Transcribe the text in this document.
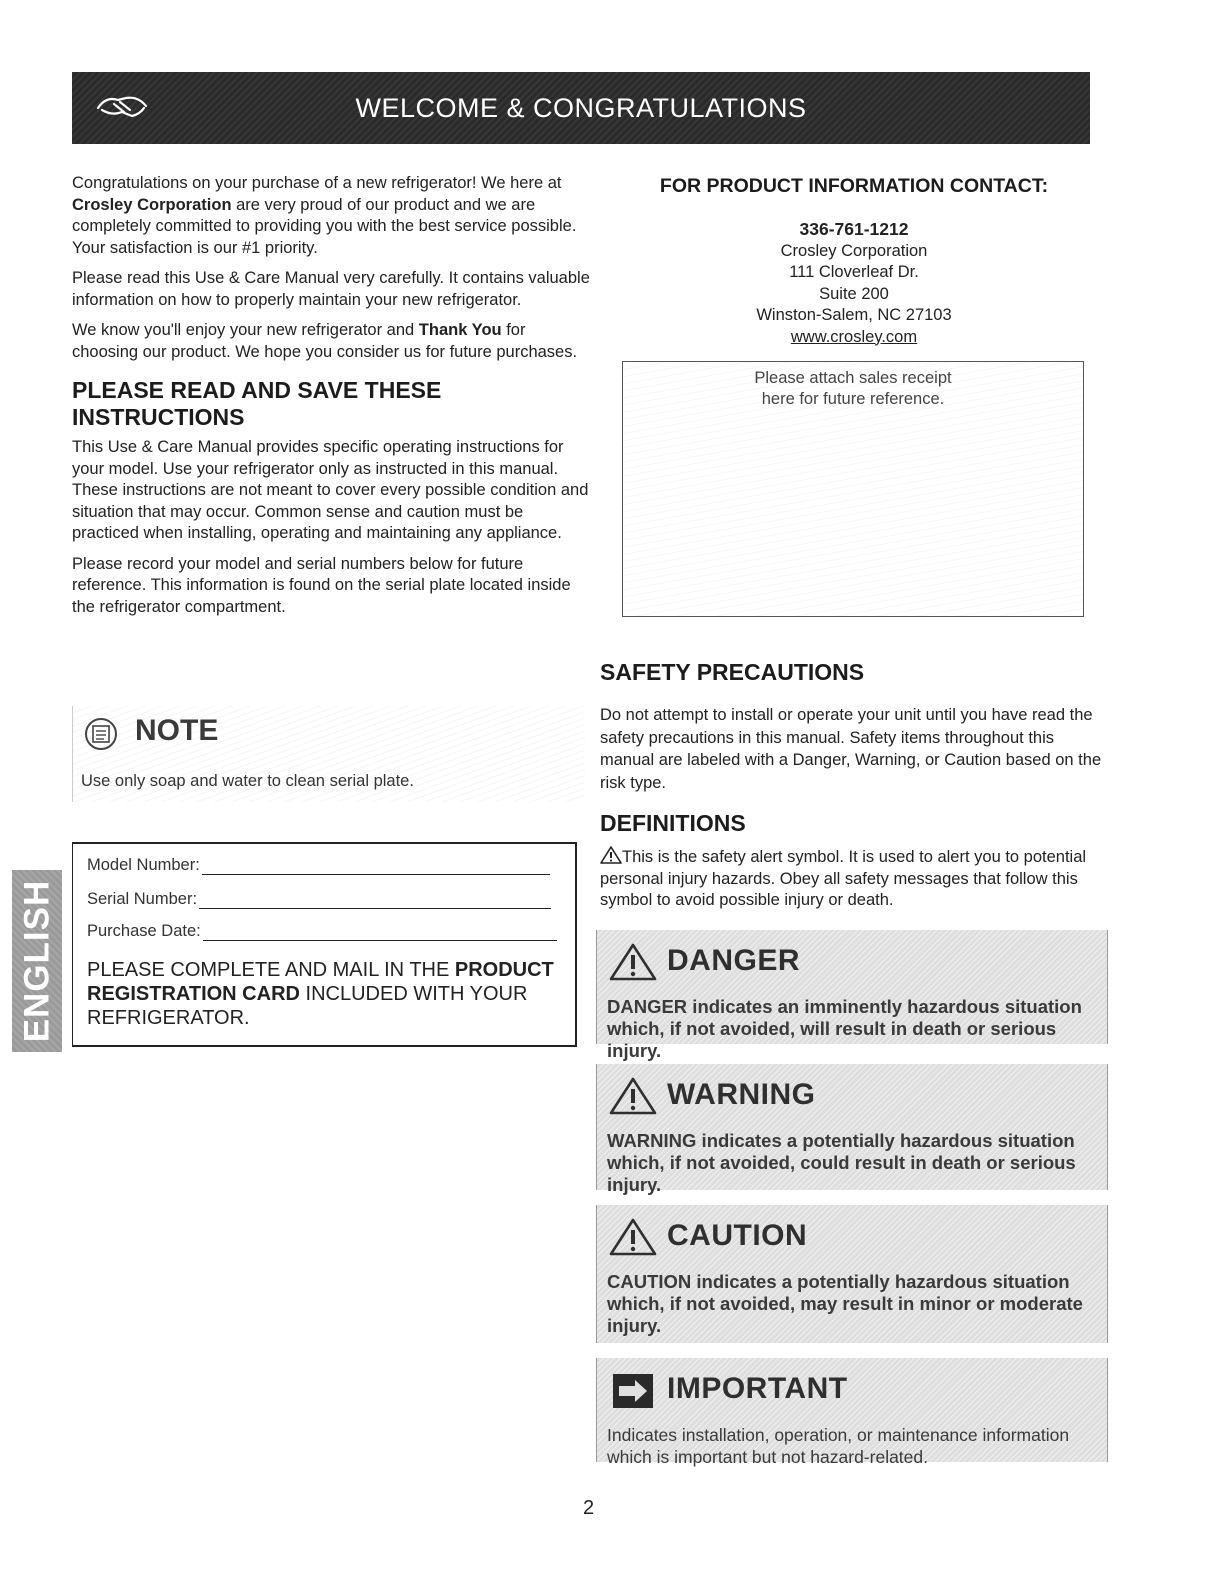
WELCOME & CONGRATULATIONS

Congratulations on your purchase of a new refrigerator! We here at Crosley Corporation are very proud of our product and we are completely committed to providing you with the best service possible. Your satisfaction is our #1 priority.

Please read this Use & Care Manual very carefully. It contains valuable information on how to properly maintain your new refrigerator.

We know you'll enjoy your new refrigerator and Thank You for choosing our product. We hope you consider us for future purchases.

PLEASE READ AND SAVE THESE INSTRUCTIONS

This Use & Care Manual provides specific operating instructions for your model. Use your refrigerator only as instructed in this manual. These instructions are not meant to cover every possible condition and situation that may occur. Common sense and caution must be practiced when installing, operating and maintaining any appliance.

Please record your model and serial numbers below for future reference. This information is found on the serial plate located inside the refrigerator compartment.

NOTE
Use only soap and water to clean serial plate.
ENGLISH
Model Number:
Serial Number:
Purchase Date:
PLEASE COMPLETE AND MAIL IN THE PRODUCT REGISTRATION CARD INCLUDED WITH YOUR REFRIGERATOR.
FOR PRODUCT INFORMATION CONTACT:
336-761-1212
Crosley Corporation
111 Cloverleaf Dr.
Suite 200
Winston-Salem, NC 27103
www.crosley.com
Please attach sales receipt
here for future reference.
SAFETY PRECAUTIONS
Do not attempt to install or operate your unit until you have read the safety precautions in this manual. Safety items throughout this manual are labeled with a Danger, Warning, or Caution based on the risk type.
DEFINITIONS
This is the safety alert symbol. It is used to alert you to potential personal injury hazards. Obey all safety messages that follow this symbol to avoid possible injury or death.
DANGER
DANGER indicates an imminently hazardous situation which, if not avoided, will result in death or serious injury.
WARNING
WARNING indicates a potentially hazardous situation which, if not avoided, could result in death or serious injury.
CAUTION
CAUTION indicates a potentially hazardous situation which, if not avoided, may result in minor or moderate injury.
IMPORTANT
Indicates installation, operation, or maintenance information which is important but not hazard-related.
2
